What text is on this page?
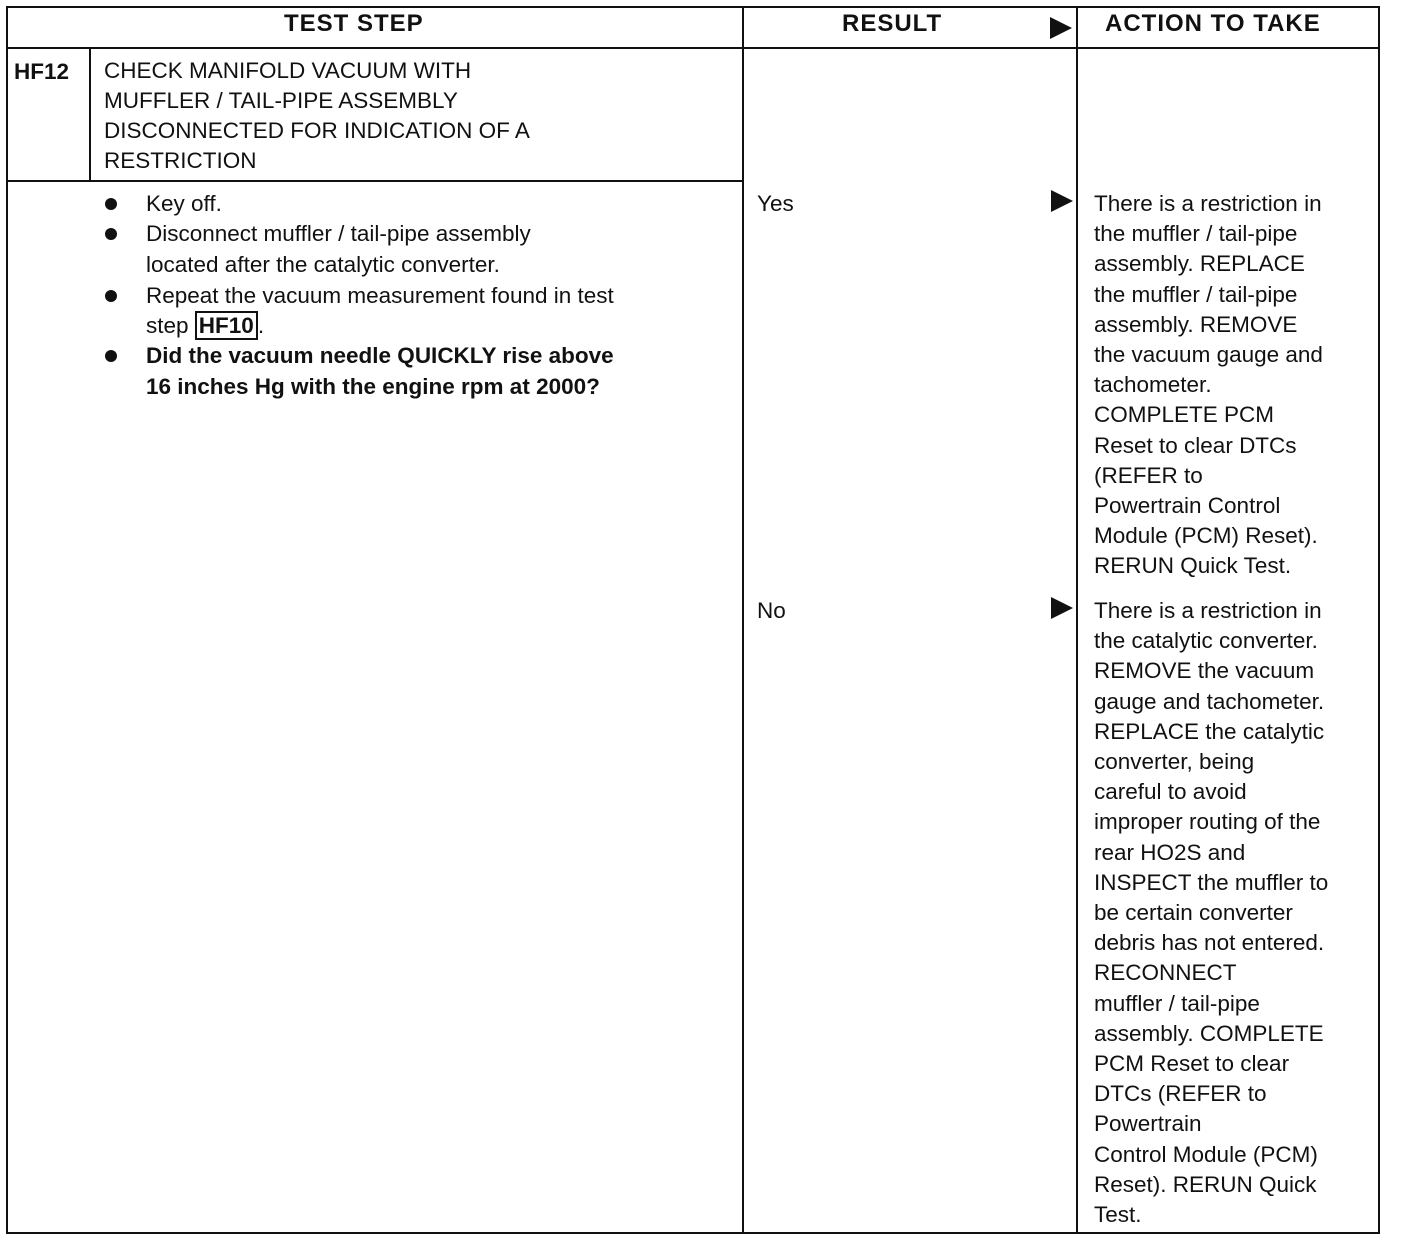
TEST STEP	RESULT	ACTION TO TAKE
HF12 CHECK MANIFOLD VACUUM WITH
MUFFLER / TAIL-PIPE ASSEMBLY
DISCONNECTED FOR INDICATION OF A
RESTRICTION
Key off.
Disconnect muffler / tail-pipe assembly
located after the catalytic converter.
Repeat the vacuum measurement found in test
step HF10 .
Did the vacuum needle QUICKLY rise above
16 inches Hg with the engine rpm at 2000?
Yes
No
There is a restriction in
the muffler / tail-pipe
assembly. REPLACE
the muffler / tail-pipe
assembly. REMOVE
the vacuum gauge and
tachometer.
COMPLETE PCM
Reset to clear DTCs
(REFER to
Powertrain Control
Module (PCM) Reset).
RERUN Quick Test.
There is a restriction in
the catalytic converter.
REMOVE the vacuum
gauge and tachometer.
REPLACE the catalytic
converter, being
careful to avoid
improper routing of the
rear HO2S and
INSPECT the muffler to
be certain converter
debris has not entered.
RECONNECT
muffler / tail-pipe
assembly. COMPLETE
PCM Reset to clear
DTCs (REFER to
Powertrain
Control Module (PCM)
Reset). RERUN Quick
Test.
